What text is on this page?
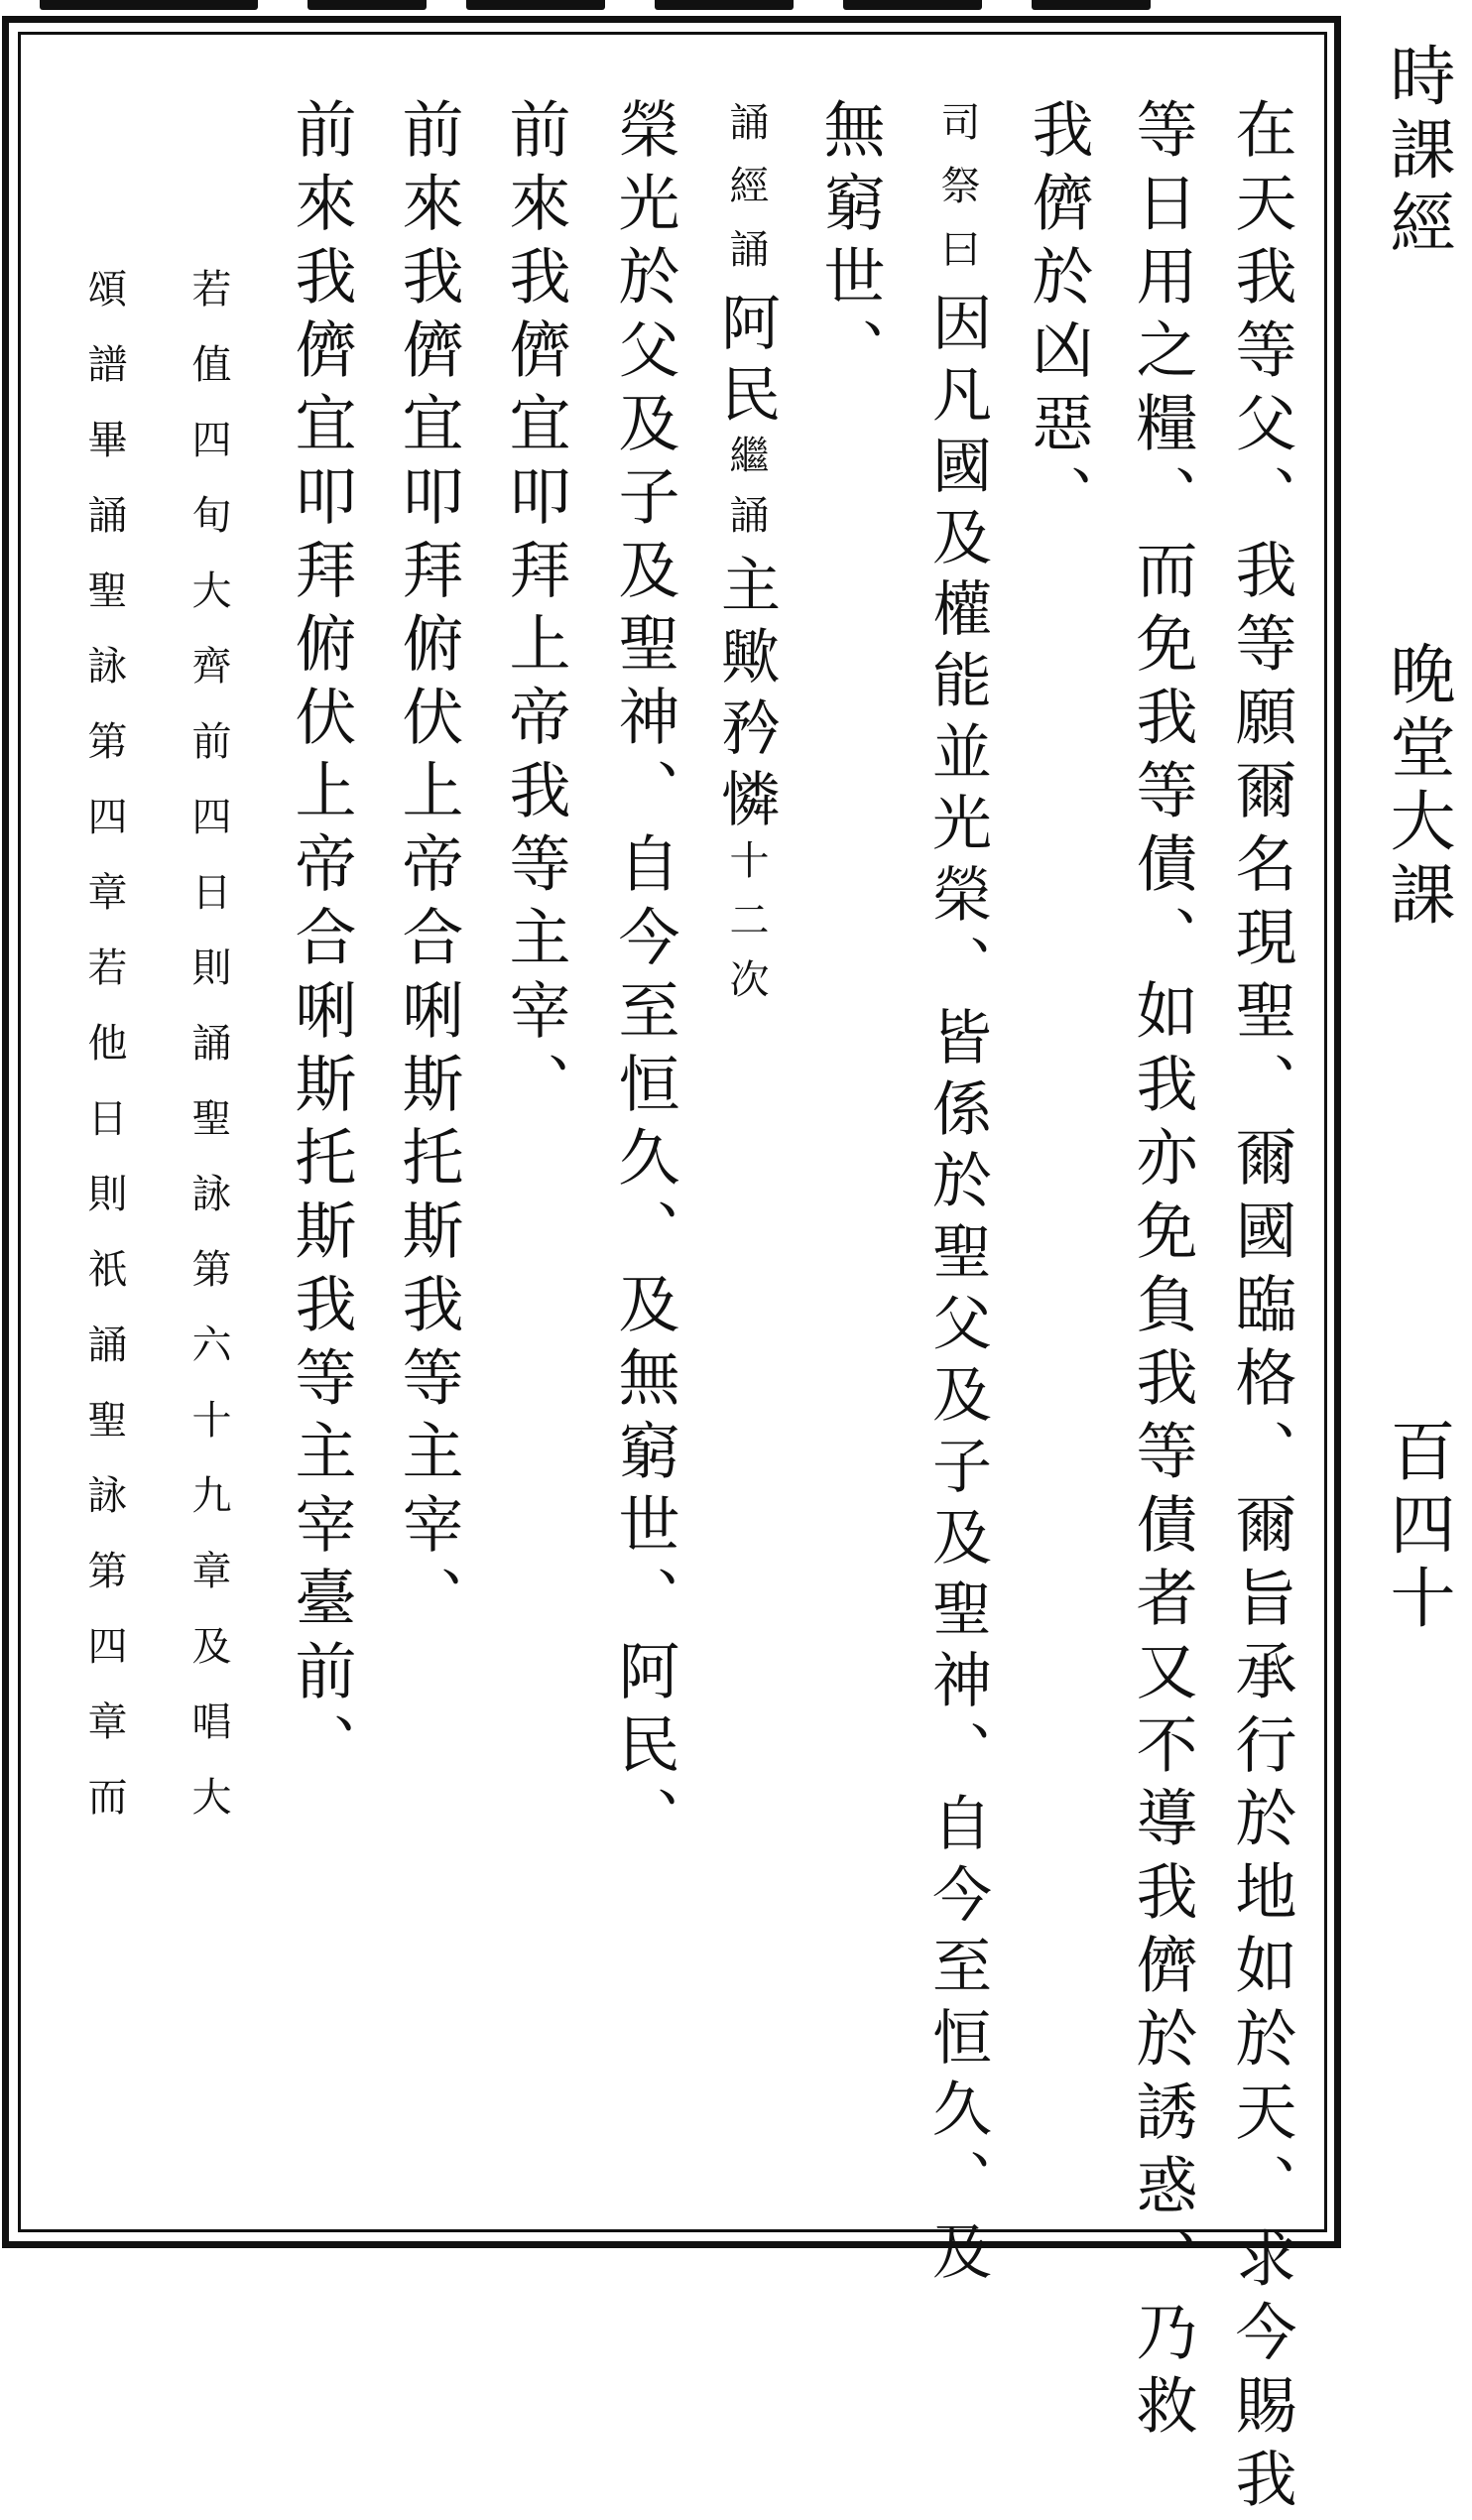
時課經
晚堂大課
百四十
在天我等父、我等願爾名現聖、爾國臨格、爾旨承行於地如於天、求今賜我
等日用之糧、而免我等債、如我亦免負我等債者又不導我儕於誘惑、乃救
我儕於凶惡、
司祭曰因凡國及權能並光榮、皆係於聖父及子及聖神、自今至恒久、及
無窮世、
誦經誦阿民繼誦主歟矜憐十二次
榮光於父及子及聖神、自今至恒久、及無窮世、阿民、
前來我儕宜叩拜上帝我等主宰、
前來我儕宜叩拜俯伏上帝合唎斯托斯我等主宰、
前來我儕宜叩拜俯伏上帝合唎斯托斯我等主宰臺前、
若值四旬大齊前四日則誦聖詠第六十九章及唱大
頌譜畢誦聖詠第四章若他日則祇誦聖詠第四章而
